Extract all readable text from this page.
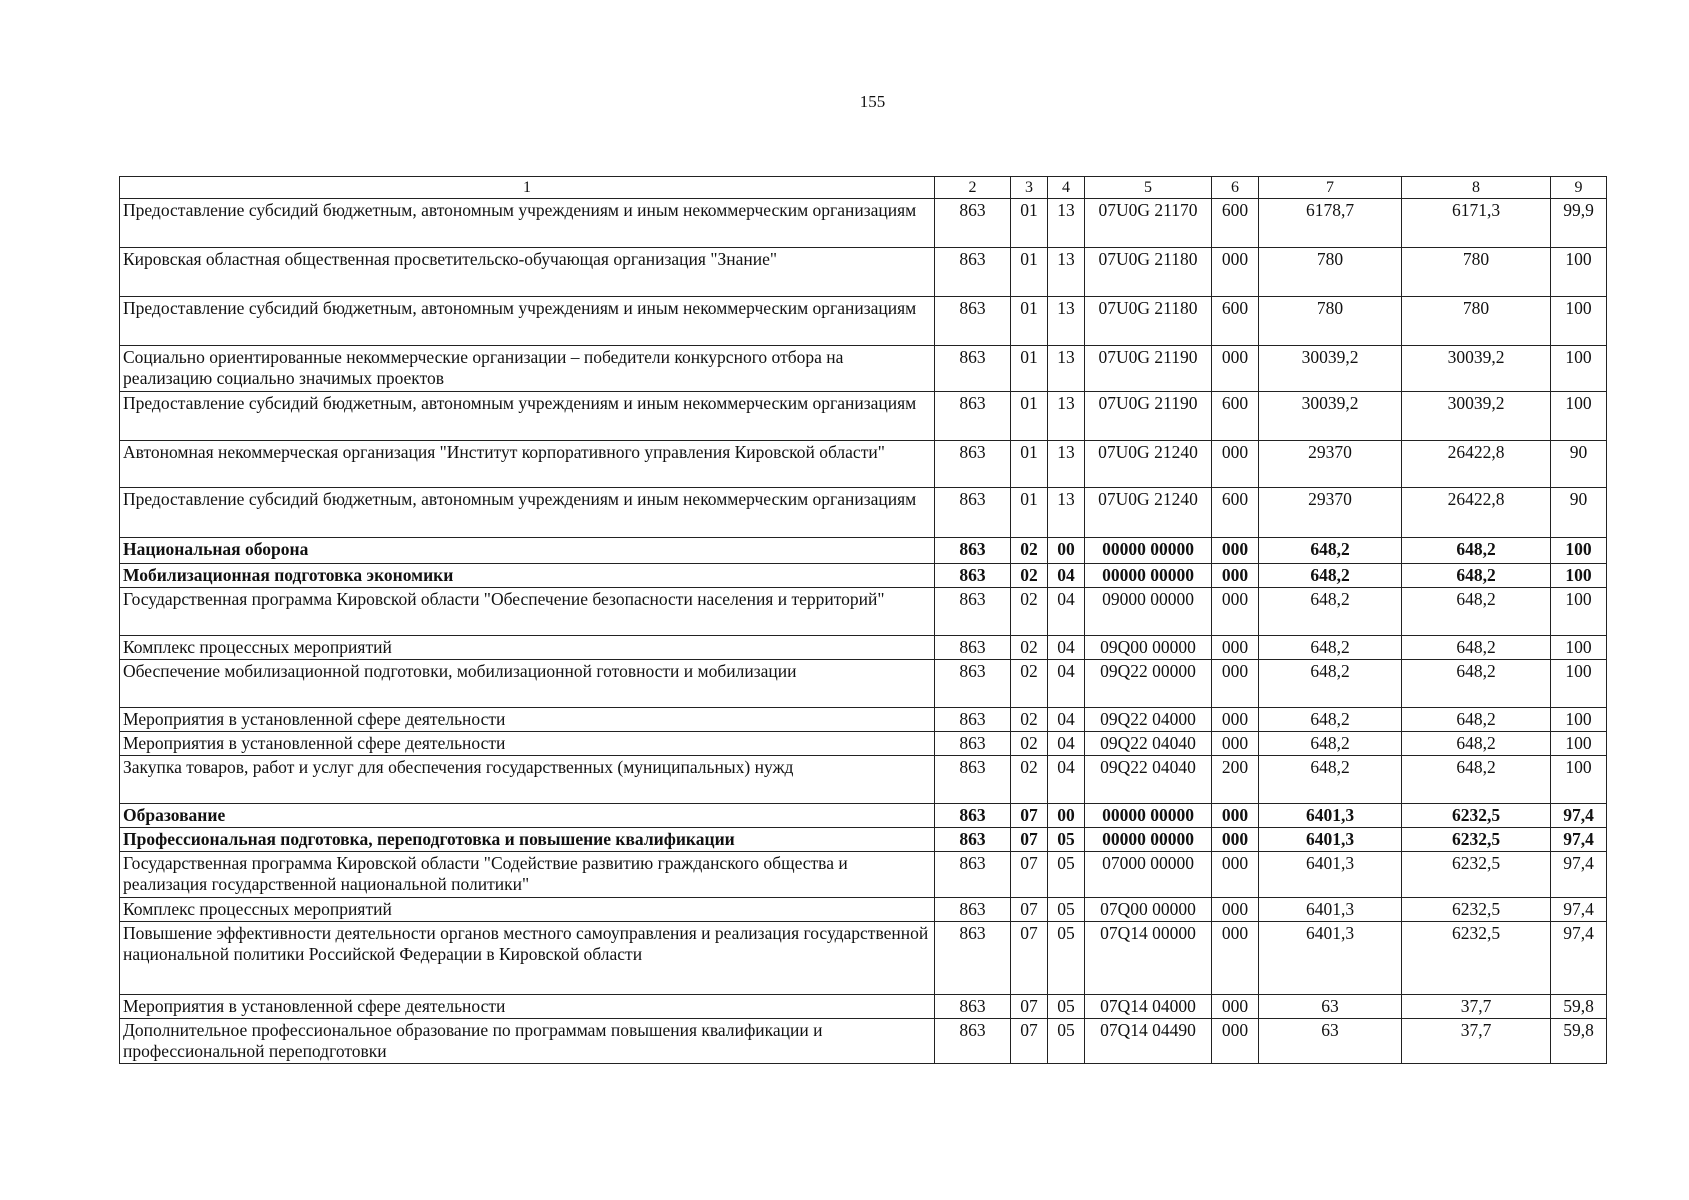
155
1	2	3	4	5	6	7	8	9
Предоставление субсидий бюджетным, автономным учреждениям и иным некоммерческим организациям	863	01	13	07U0G 21170	600	6178,7	6171,3	99,9
Кировская областная общественная просветительско-обучающая организация "Знание"	863	01	13	07U0G 21180	000	780	780	100
Предоставление субсидий бюджетным, автономным учреждениям и иным некоммерческим организациям	863	01	13	07U0G 21180	600	780	780	100
Социально ориентированные некоммерческие организации – победители конкурсного отбора на реализацию социально значимых проектов	863	01	13	07U0G 21190	000	30039,2	30039,2	100
Предоставление субсидий бюджетным, автономным учреждениям и иным некоммерческим организациям	863	01	13	07U0G 21190	600	30039,2	30039,2	100
Автономная некоммерческая организация "Институт корпоративного управления Кировской области"	863	01	13	07U0G 21240	000	29370	26422,8	90
Предоставление субсидий бюджетным, автономным учреждениям и иным некоммерческим организациям	863	01	13	07U0G 21240	600	29370	26422,8	90
Национальная оборона	863	02	00	00000 00000	000	648,2	648,2	100
Мобилизационная подготовка экономики	863	02	04	00000 00000	000	648,2	648,2	100
Государственная программа Кировской области "Обеспечение безопасности населения и территорий"	863	02	04	09000 00000	000	648,2	648,2	100
Комплекс процессных мероприятий	863	02	04	09Q00 00000	000	648,2	648,2	100
Обеспечение мобилизационной подготовки, мобилизационной готовности и мобилизации	863	02	04	09Q22 00000	000	648,2	648,2	100
Мероприятия в установленной сфере деятельности	863	02	04	09Q22 04000	000	648,2	648,2	100
Мероприятия в установленной сфере деятельности	863	02	04	09Q22 04040	000	648,2	648,2	100
Закупка товаров, работ и услуг для обеспечения государственных (муниципальных) нужд	863	02	04	09Q22 04040	200	648,2	648,2	100
Образование	863	07	00	00000 00000	000	6401,3	6232,5	97,4
Профессиональная подготовка, переподготовка и повышение квалификации	863	07	05	00000 00000	000	6401,3	6232,5	97,4
Государственная программа Кировской области "Содействие развитию гражданского общества и реализация государственной национальной политики"	863	07	05	07000 00000	000	6401,3	6232,5	97,4
Комплекс процессных мероприятий	863	07	05	07Q00 00000	000	6401,3	6232,5	97,4
Повышение эффективности деятельности органов местного самоуправления и реализация государственной национальной политики Российской Федерации в Кировской области	863	07	05	07Q14 00000	000	6401,3	6232,5	97,4
Мероприятия в установленной сфере деятельности	863	07	05	07Q14 04000	000	63	37,7	59,8
Дополнительное профессиональное образование по программам повышения квалификации и профессиональной переподготовки	863	07	05	07Q14 04490	000	63	37,7	59,8
